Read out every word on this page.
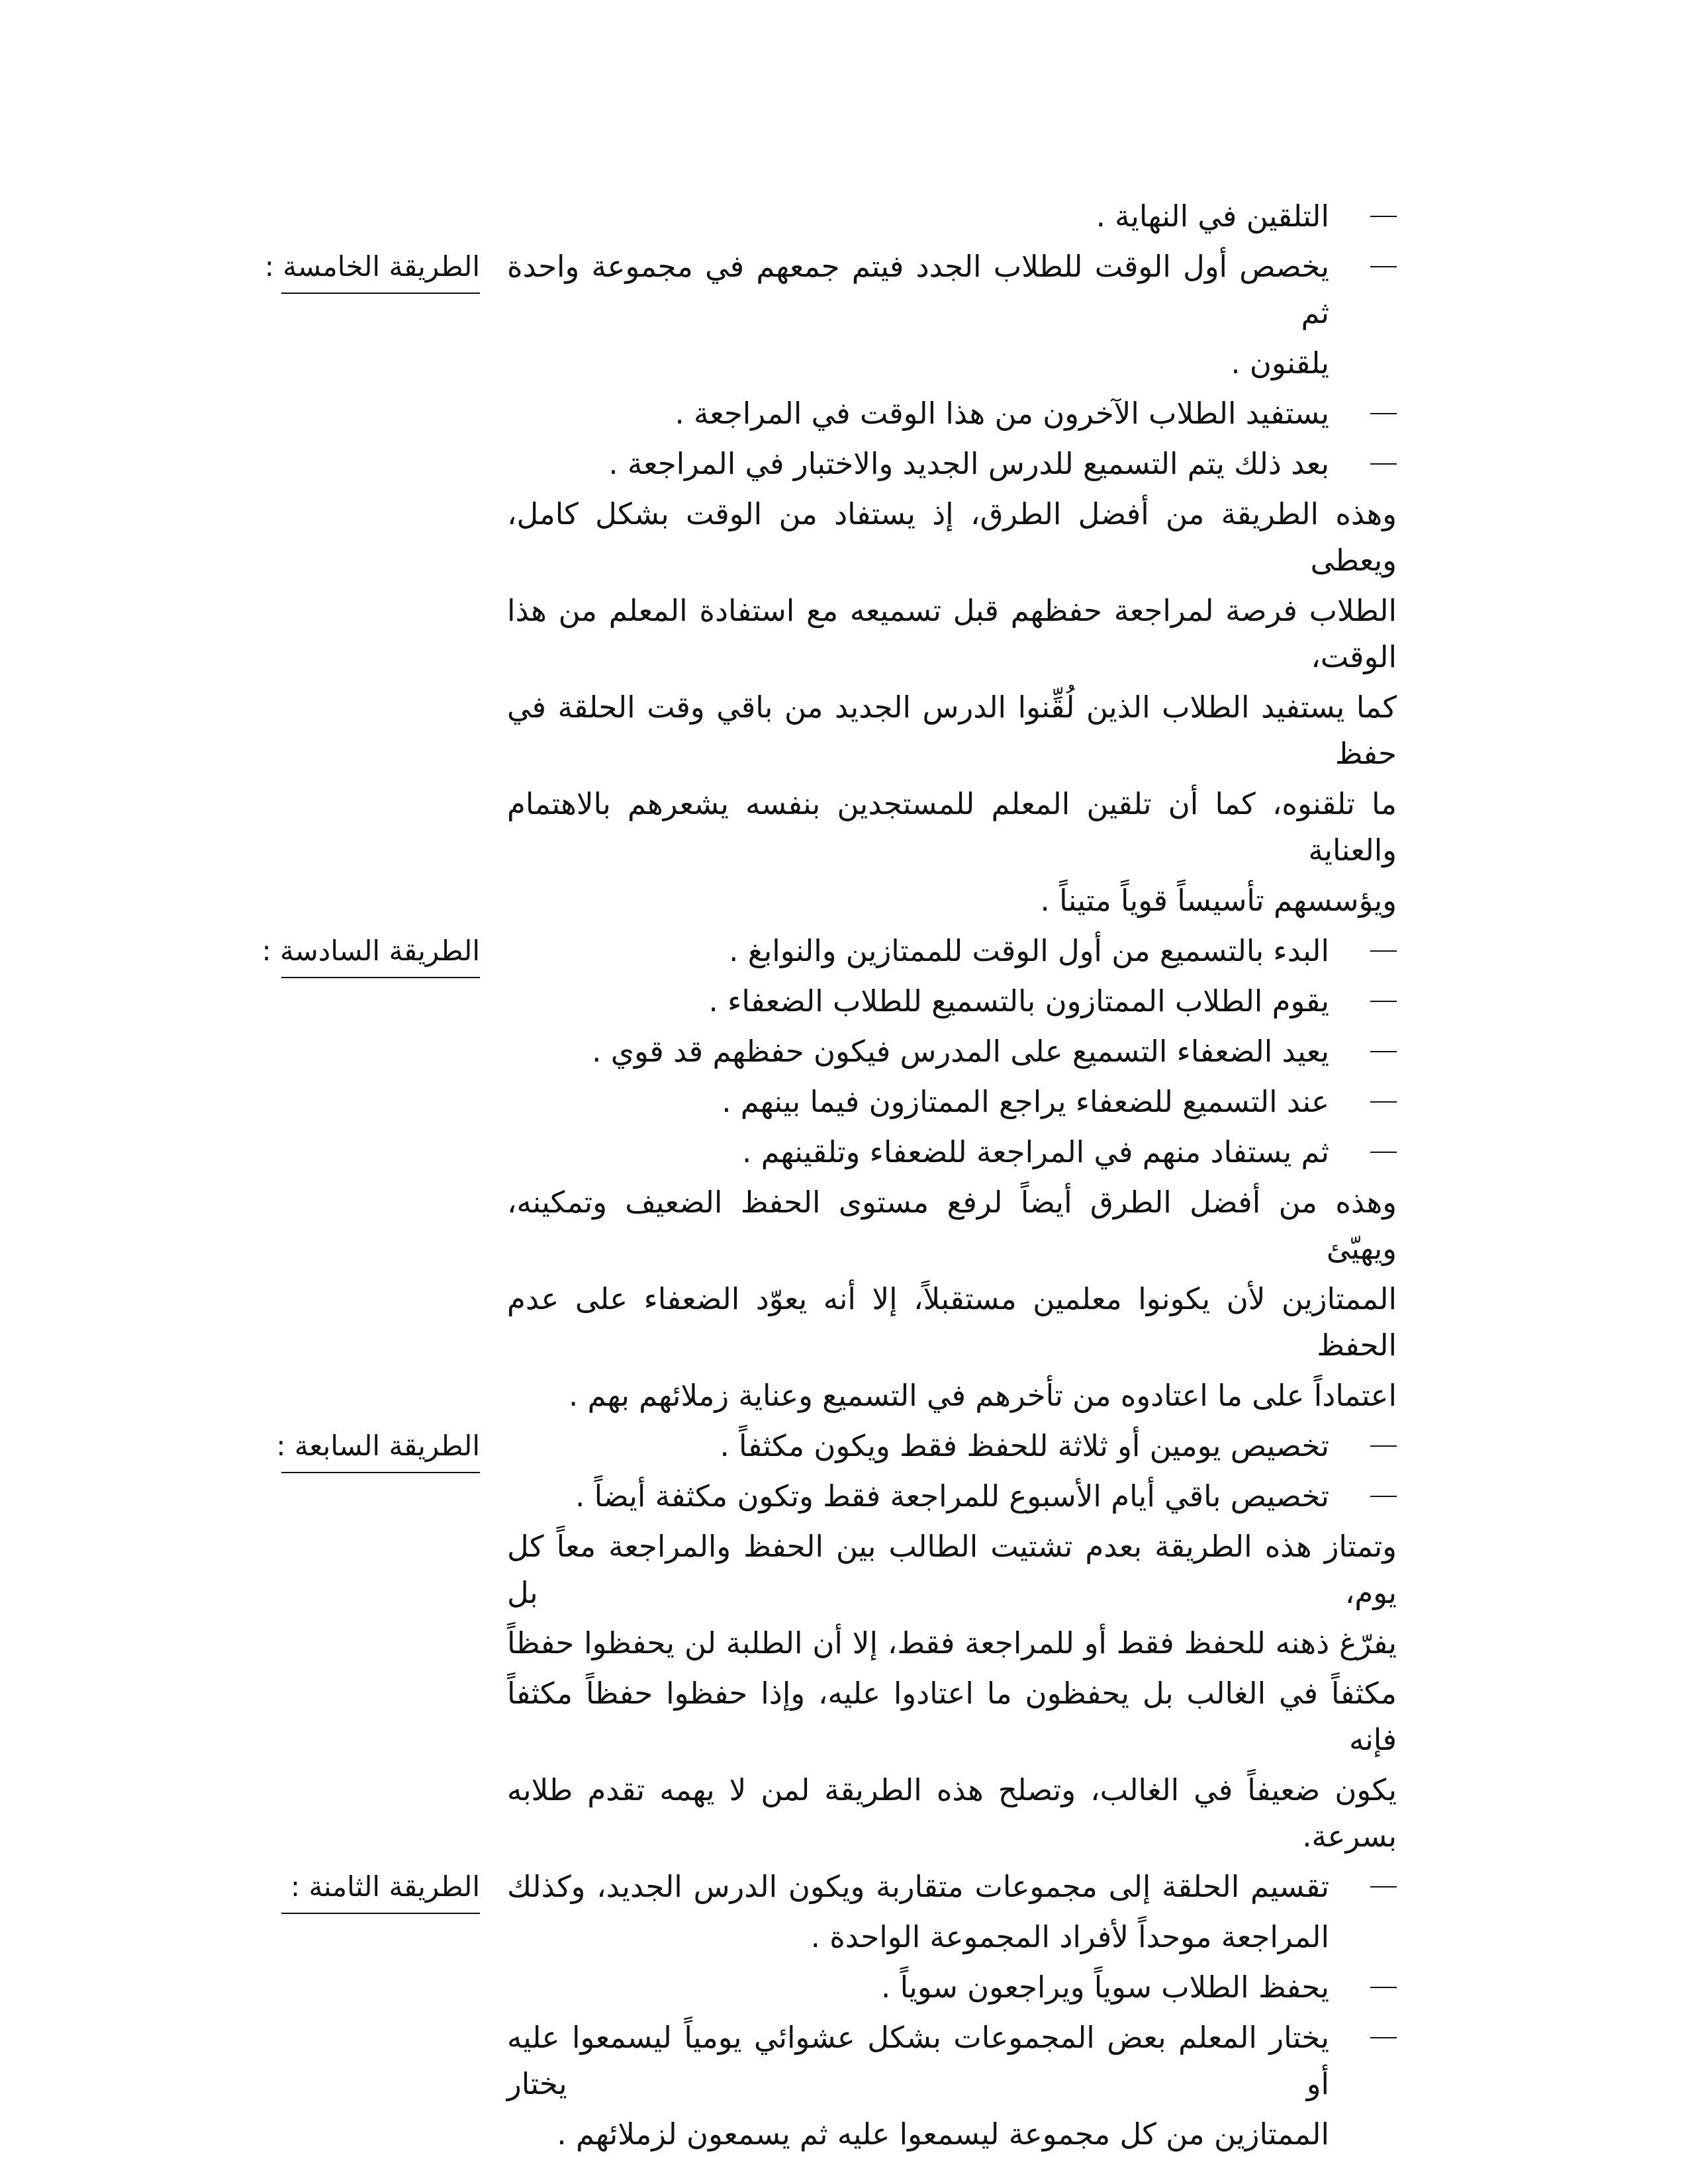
التلقين في النهاية .
يخصص أول الوقت للطلاب الجدد فيتم جمعهم في مجموعة واحدة ثم
الطريقة الخامسة :
يلقنون .
يستفيد الطلاب الآخرون من هذا الوقت في المراجعة .
بعد ذلك يتم التسميع للدرس الجديد والاختبار في المراجعة .
وهذه الطريقة من أفضل الطرق، إذ يستفاد من الوقت بشكل كامل، ويعطى
الطلاب فرصة لمراجعة حفظهم قبل تسميعه مع استفادة المعلم من هذا الوقت،
كما يستفيد الطلاب الذين لُقِّنوا الدرس الجديد من باقي وقت الحلقة في حفظ
ما تلقنوه، كما أن تلقين المعلم للمستجدين بنفسه يشعرهم بالاهتمام والعناية
ويؤسسهم تأسيساً قوياً متيناً .
البدء بالتسميع من أول الوقت للممتازين والنوابغ .
الطريقة السادسة :
يقوم الطلاب الممتازون بالتسميع للطلاب الضعفاء .
يعيد الضعفاء التسميع على المدرس فيكون حفظهم قد قوي .
عند التسميع للضعفاء يراجع الممتازون فيما بينهم .
ثم يستفاد منهم في المراجعة للضعفاء وتلقينهم .
وهذه من أفضل الطرق أيضاً لرفع مستوى الحفظ الضعيف وتمكينه، ويهيّئ
الممتازين لأن يكونوا معلمين مستقبلاً، إلا أنه يعوّد الضعفاء على عدم الحفظ
اعتماداً على ما اعتادوه من تأخرهم في التسميع وعناية زملائهم بهم .
تخصيص يومين أو ثلاثة للحفظ فقط ويكون مكثفاً .
الطريقة السابعة :
تخصيص باقي أيام الأسبوع للمراجعة فقط وتكون مكثفة أيضاً .
وتمتاز هذه الطريقة بعدم تشتيت الطالب بين الحفظ والمراجعة معاً كل يوم، بل
يفرّغ ذهنه للحفظ فقط أو للمراجعة فقط، إلا أن الطلبة لن يحفظوا حفظاً
مكثفاً في الغالب بل يحفظون ما اعتادوا عليه، وإذا حفظوا حفظاً مكثفاً فإنه
يكون ضعيفاً في الغالب، وتصلح هذه الطريقة لمن لا يهمه تقدم طلابه بسرعة.
تقسيم الحلقة إلى مجموعات متقاربة ويكون الدرس الجديد، وكذلك
الطريقة الثامنة :
المراجعة موحداً لأفراد المجموعة الواحدة .
يحفظ الطلاب سوياً ويراجعون سوياً .
يختار المعلم بعض المجموعات بشكل عشوائي يومياً ليسمعوا عليه أو يختار
الممتازين من كل مجموعة ليسمعوا عليه ثم يسمعون لزملائهم .
